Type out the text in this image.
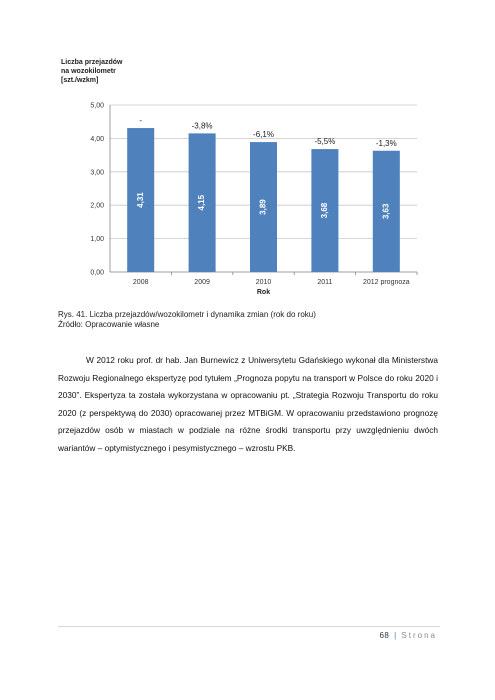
Liczba przejazdów
na wozokilometr
[szt./wzkm]
0,00
1,00
2,00
3,00
4,00
5,00
4,31
-
2008
4,15
-3,8%
2009
3,89
-6,1%
2010
3,68
-5,5%
2011
3,63
-1,3%
2012 prognoza
Rok
Rys. 41. Liczba przejazdów/wozokilometr i dynamika zmian (rok do roku)
Źródło: Opracowanie własne

W 2012 roku prof. dr hab. Jan Burnewicz z Uniwersytetu Gdańskiego wykonał dla Ministerstwa Rozwoju Regionalnego ekspertyzę pod tytułem „Prognoza popytu na transport w Polsce do roku 2020 i 2030”. Ekspertyza ta została wykorzystana w opracowaniu pt. „Strategia Rozwoju Transportu do roku 2020 (z perspektywą do 2030) opracowanej przez MTBiGM. W opracowaniu przedstawiono prognozę przejazdów osób w miastach w podziale na różne środki transportu przy uwzględnieniu dwóch wariantów – optymistycznego i pesymistycznego – wzrostu PKB.

68 | Strona
